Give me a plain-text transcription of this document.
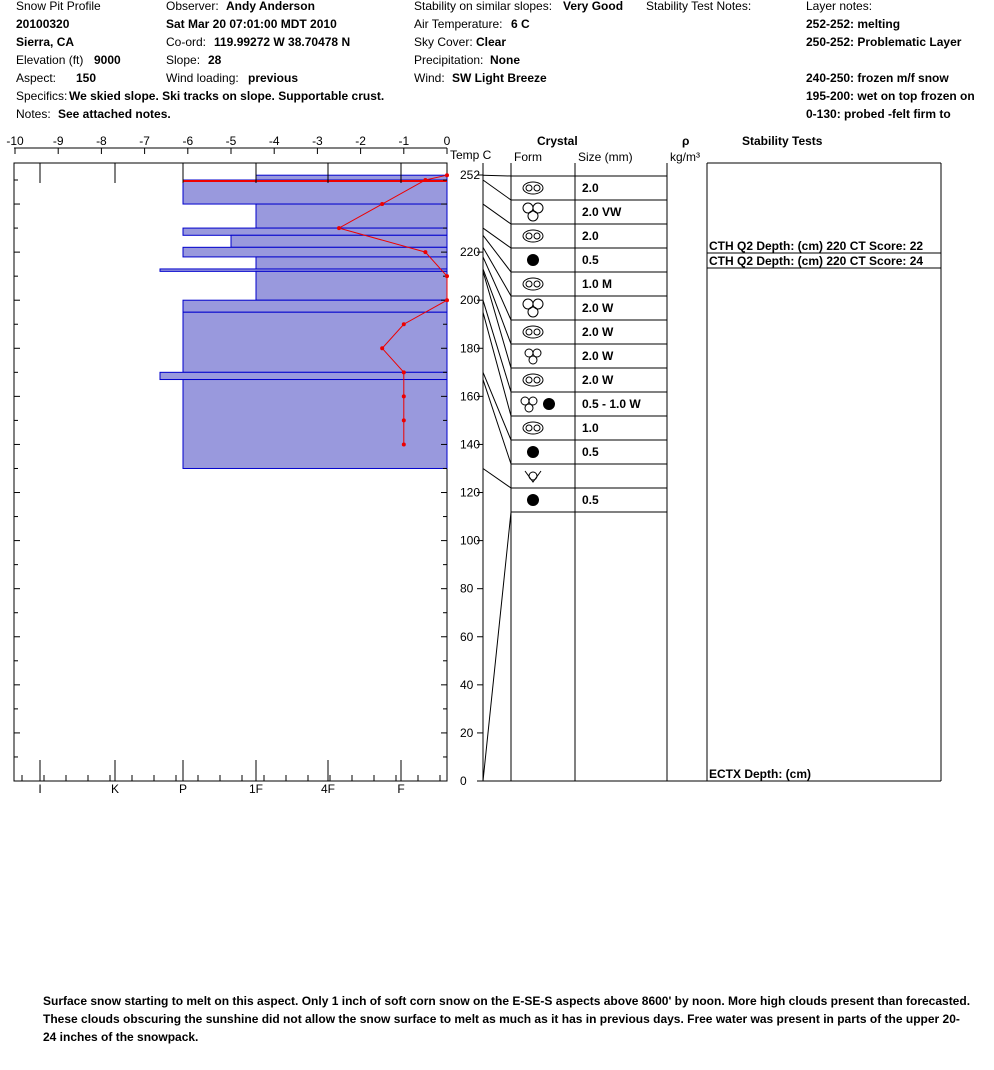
Snow Pit Profile
20100320
Sierra, CA
Elevation (ft) 9000
Aspect: 150
Specifics: We skied slope. Ski tracks on slope. Supportable crust.
Notes: See attached notes.
Observer: Andy Anderson
Sat Mar 20 07:01:00 MDT 2010
Co-ord: 119.99272 W 38.70478 N
Slope: 28
Wind loading: previous
Stability on similar slopes: Very Good
Air Temperature: 6 C
Sky Cover: Clear
Precipitation: None
Wind: SW Light Breeze
Stability Test Notes:	Layer notes:
252-252: melting
250-252: Problematic Layer
240-250: frozen m/f snow
195-200: wet on top frozen on
0-130: probed -felt firm to
Temp C
Crystal
Form	Size (mm)
ρ
kg/m³
Stability Tests
-10 -9	-8	-7	-6	-5	-4	-3	-2	-1	0
I	K	P	1F	4F	F
252
220
200
180
160
140
120
100
80
60
40
20
0
2.0
2.0 VW
2.0
0.5
1.0 M
2.0 W
2.0 W
2.0 W
2.0 W
0.5 - 1.0 W
1.0
0.5
0.5
CTH Q2 Depth: (cm) 220 CT Score: 22
CTH Q2 Depth: (cm) 220 CT Score: 24
ECTX Depth: (cm)
Surface snow starting to melt on this aspect. Only 1 inch of soft corn snow on the E-SE-S aspects above 8600' by noon. More high clouds present than forecasted. These clouds obscuring the sunshine did not allow the snow surface to melt as much as it has in previous days. Free water was present in parts of the upper 20-24 inches of the snowpack.
